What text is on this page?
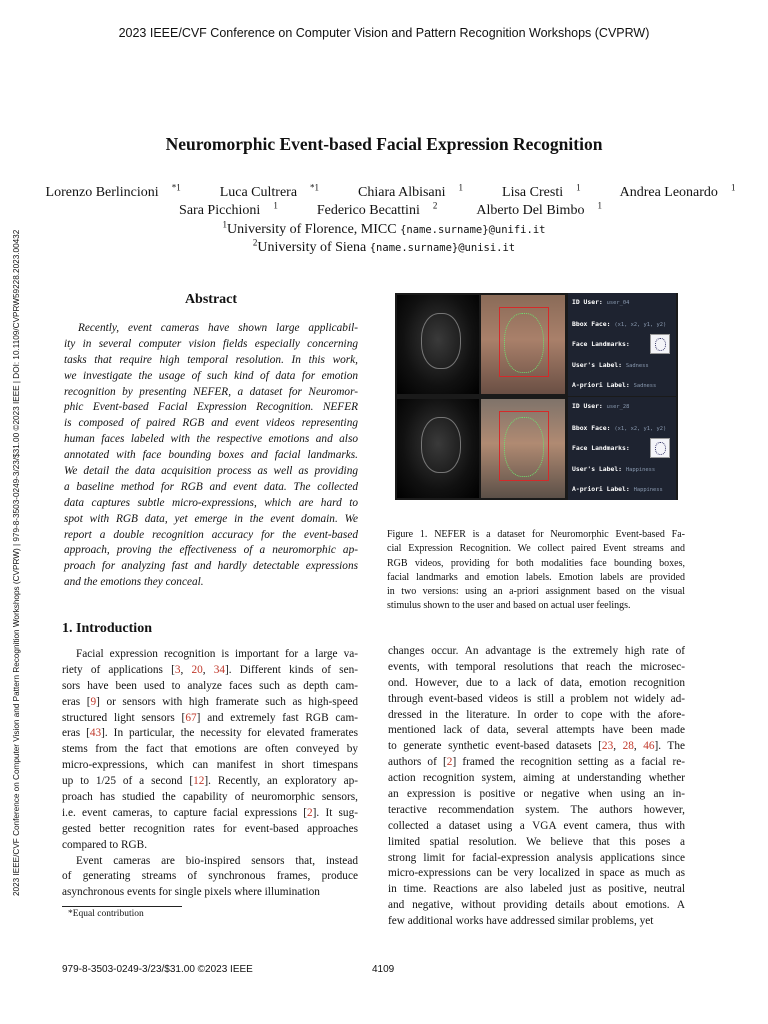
2023 IEEE/CVF Conference on Computer Vision and Pattern Recognition Workshops (CVPRW)
2023 IEEE/CVF Conference on Computer Vision and Pattern Recognition Workshops (CVPRW) | 979-8-3503-0249-3/23/$31.00 ©2023 IEEE | DOI: 10.1109/CVPRW59228.2023.00432
Neuromorphic Event-based Facial Expression Recognition
Lorenzo Berlincioni $^{*1}$	Luca Cultrera $^{*1}$	Chiara Albisani $^1$	Lisa Cresti $^1$	Andrea Leonardo $^1$
Sara Picchioni $^1$	Federico Becattini $^2$	Alberto Del Bimbo $^1$
$^1$University of Florence, MICC {name.surname}@unifi.it
$^2$University of Siena {name.surname}@unisi.it
Abstract
Recently, event cameras have shown large applicabil-
ity in several computer vision fields especially concerning
tasks that require high temporal resolution. In this work,
we investigate the usage of such kind of data for emotion
recognition by presenting NEFER, a dataset for Neuromor-
phic Event-based Facial Expression Recognition. NEFER
is composed of paired RGB and event videos representing
human faces labeled with the respective emotions and also
annotated with face bounding boxes and facial landmarks.
We detail the data acquisition process as well as providing
a baseline method for RGB and event data. The collected
data captures subtle micro-expressions, which are hard to
spot with RGB data, yet emerge in the event domain. We
report a double recognition accuracy for the event-based
approach, proving the effectiveness of a neuromorphic ap-
proach for analyzing fast and hardly detectable expressions
and the emotions they conceal.
ID User: user_04
Bbox Face: (x1, x2, y1, y2)
Face Landmarks:
User's Label: Sadness
A-priori Label: Sadness
ID User: user_28
Bbox Face: (x1, x2, y1, y2)
Face Landmarks:
User's Label: Happiness
A-priori Label: Happiness
Figure 1. NEFER is a dataset for Neuromorphic Event-based Fa-
cial Expression Recognition. We collect paired Event streams and
RGB videos, providing for both modalities face bounding boxes,
facial landmarks and emotion labels. Emotion labels are provided
in two versions: using an a-priori assignment based on the visual
stimulus shown to the user and based on actual user feelings.
1. Introduction
Facial expression recognition is important for a large va-
riety of applications [3, 20, 34]. Different kinds of sen-
sors have been used to analyze faces such as depth cam-
eras [9] or sensors with high framerate such as high-speed
structured light sensors [67] and extremely fast RGB cam-
eras [43]. In particular, the necessity for elevated framerates
stems from the fact that emotions are often conveyed by
micro-expressions, which can manifest in short timespans
up to 1/25 of a second [12]. Recently, an exploratory ap-
proach has studied the capability of neuromorphic sensors,
i.e. event cameras, to capture facial expressions [2]. It sug-
gested better recognition rates for event-based approaches
compared to RGB.
Event cameras are bio-inspired sensors that, instead
of generating streams of synchronous frames, produce
asynchronous events for single pixels where illumination
changes occur. An advantage is the extremely high rate of
events, with temporal resolutions that reach the microsec-
ond. However, due to a lack of data, emotion recognition
through event-based videos is still a problem not widely ad-
dressed in the literature. In order to cope with the afore-
mentioned lack of data, several attempts have been made
to generate synthetic event-based datasets [23, 28, 46]. The
authors of [2] framed the recognition setting as a facial re-
action recognition system, aiming at understanding whether
an expression is positive or negative when using an in-
teractive recommendation system. The authors however,
collected a dataset using a VGA event camera, thus with
limited spatial resolution. We believe that this poses a
strong limit for facial-expression analysis applications since
micro-expressions can be very localized in space as much as
in time. Reactions are also labeled just as positive, neutral
and negative, without providing details about emotions. A
few additional works have addressed similar problems, yet
*Equal contribution
979-8-3503-0249-3/23/$31.00 ©2023 IEEE	4109
